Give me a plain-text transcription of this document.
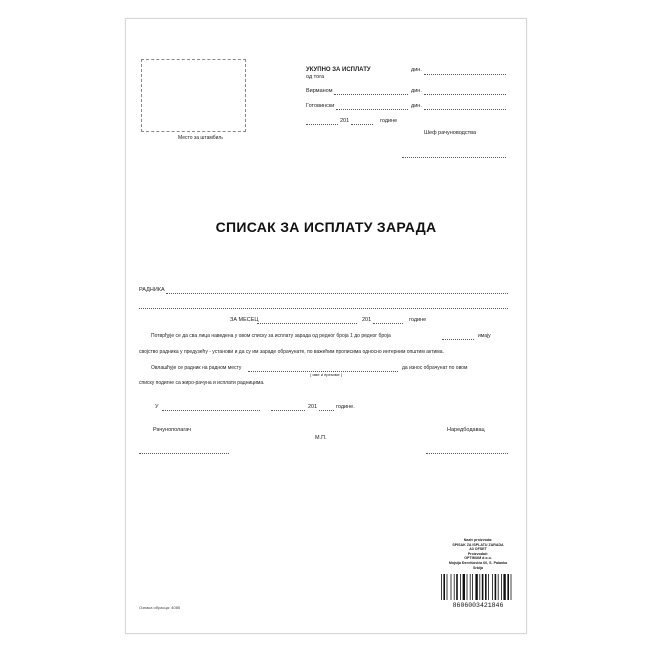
Место за штамбиљ
УКУПНО ЗА ИСПЛАТУ	дин.
од тога
Вирманом	дин.
Готовински	дин.
201	године
Шеф рачуноводства
СПИСАК ЗА ИСПЛАТУ ЗАРАДА
РАДНИКА
ЗА МЕСЕЦ	201	године
Потврђује се да сва лица наведена у овом списку за исплату зарада од редног броја 1 до редног броја	имају
својство радника у предузећу - установи и да су им зараде обрачунате, по важећим прописима односно интерним општим актима.
Овлашћује се радник на радном месту	да износ обрачунат по овом
( име и презиме )
списку подигне са жиро-рачуна и исплати радницима.
У	201	године.
Рачунополагач
М.П.
Наредбодавац
Naziv proizvoda:
SPISAK ZA ISPLATU ZARADA
A3 OFSET
Proizvodač:
OPTIMUM d.o.o.
Mojsija Đervišovića 60, S. Palanka
Srbija
8606003421846
Ознака обрасца: 4085
